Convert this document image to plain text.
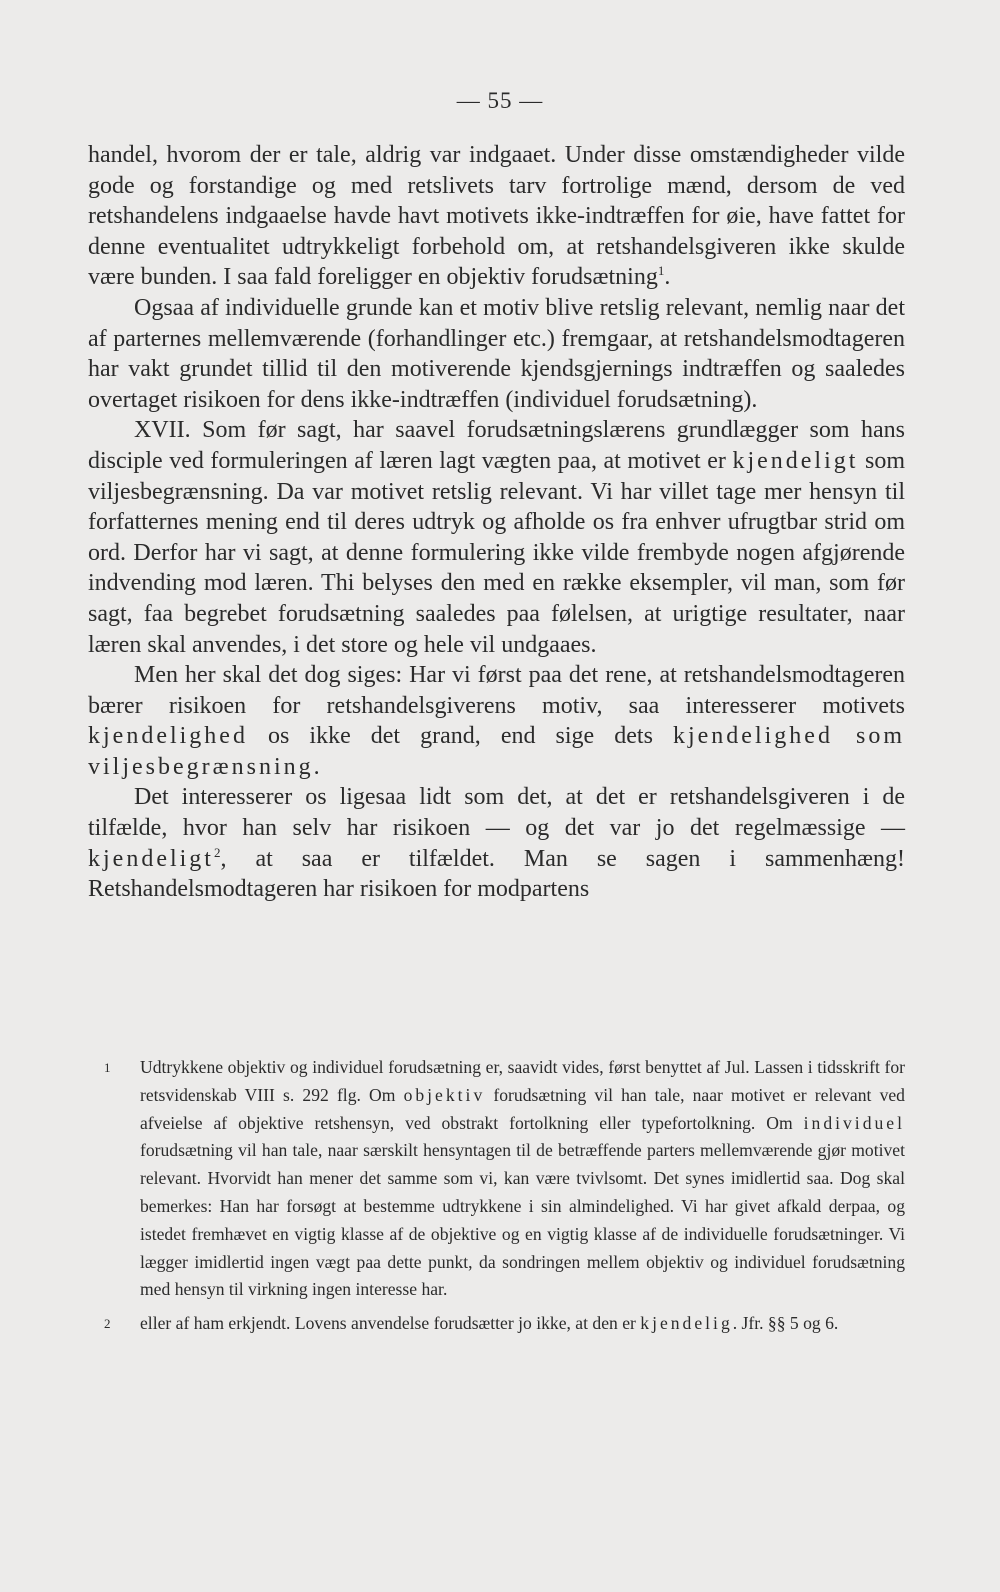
— 55 —

handel, hvorom der er tale, aldrig var indgaaet. Under disse omstændigheder vilde gode og forstandige og med retslivets tarv fortrolige mænd, dersom de ved retshandelens indgaaelse havde havt motivets ikke-indtræffen for øie, have fattet for denne eventualitet udtrykkeligt forbehold om, at retshandelsgiveren ikke skulde være bunden. I saa fald foreligger en objektiv forudsætning$^1$.

Ogsaa af individuelle grunde kan et motiv blive retslig relevant, nemlig naar det af parternes mellemværende (forhandlinger etc.) fremgaar, at retshandelsmodtageren har vakt grundet tillid til den motiverende kjendsgjernings indtræffen og saaledes overtaget risikoen for dens ikke-indtræffen (individuel forudsætning).

XVII. Som før sagt, har saavel forudsætningslærens grundlægger som hans disciple ved formuleringen af læren lagt vægten paa, at motivet er kjendeligt som viljesbegrænsning. Da var motivet retslig relevant. Vi har villet tage mer hensyn til forfatternes mening end til deres udtryk og afholde os fra enhver ufrugtbar strid om ord. Derfor har vi sagt, at denne formulering ikke vilde frembyde nogen afgjørende indvending mod læren. Thi belyses den med en række eksempler, vil man, som før sagt, faa begrebet forudsætning saaledes paa følelsen, at urigtige resultater, naar læren skal anvendes, i det store og hele vil undgaaes.

Men her skal det dog siges: Har vi først paa det rene, at retshandelsmodtageren bærer risikoen for retshandelsgiverens motiv, saa interesserer motivets kjendelighed os ikke det grand, end sige dets kjendelighed som viljesbegrænsning.

Det interesserer os ligesaa lidt som det, at det er retshandelsgiveren i de tilfælde, hvor han selv har risikoen — og det var jo det regelmæssige — kjendeligt$^2$, at saa er tilfældet. Man se sagen i sammenhæng! Retshandelsmodtageren har risikoen for modpartens

1 Udtrykkene objektiv og individuel forudsætning er, saavidt vides, først benyttet af Jul. Lassen i tidsskrift for retsvidenskab VIII s. 292 flg. Om objektiv forudsætning vil han tale, naar motivet er relevant ved afveielse af objektive retshensyn, ved obstrakt fortolkning eller typefortolkning. Om individuel forudsætning vil han tale, naar særskilt hensyntagen til de betræffende parters mellemværende gjør motivet relevant. Hvorvidt han mener det samme som vi, kan være tvivlsomt. Det synes imidlertid saa. Dog skal bemerkes: Han har forsøgt at bestemme udtrykkene i sin almindelighed. Vi har givet afkald derpaa, og istedet fremhævet en vigtig klasse af de objektive og en vigtig klasse af de individuelle forudsætninger. Vi lægger imidlertid ingen vægt paa dette punkt, da sondringen mellem objektiv og individuel forudsætning med hensyn til virkning ingen interesse har.
2 eller af ham erkjendt. Lovens anvendelse forudsætter jo ikke, at den er kjendelig. Jfr. §§ 5 og 6.
